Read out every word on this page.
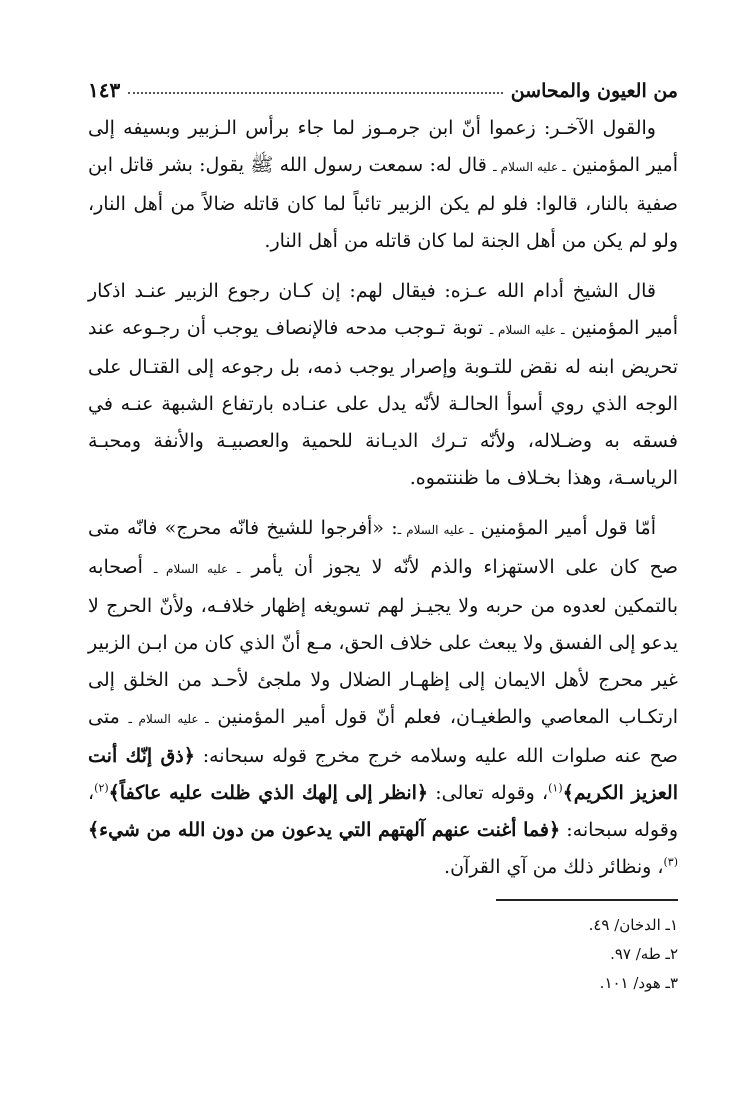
من العيون والمحاسن
١٤٣

والقول الآخـر: زعموا أنّ ابن جرمـوز لما جاء برأس الـزبير وبسيفه إلى أمير المؤمنين ـ عليه السلام ـ قال له: سمعت رسول الله ﷺ يقول: بشر قاتل ابن صفية بالنار، قالوا: فلو لم يكن الزبير تائباً لما كان قاتله ضالاً من أهل النار، ولو لم يكن من أهل الجنة لما كان قاتله من أهل النار.

قال الشيخ أدام الله عـزه: فيقال لهم: إن كـان رجوع الزبير عنـد اذكار أمير المؤمنين ـ عليه السلام ـ توبة تـوجب مدحه فالإنصاف يوجب أن رجـوعه عند تحريض ابنه له نقض للتـوبة وإصرار يوجب ذمه، بل رجوعه إلى القتـال على الوجه الذي روي أسوأ الحالـة لأنّه يدل على عنـاده بارتفاع الشبهة عنـه في فسقه به وضـلاله، ولأنّه تـرك الديـانة للحمية والعصبيـة والأنفة ومحبـة الرياسـة، وهذا بخـلاف ما ظننتموه.

أمّا قول أمير المؤمنين ـ عليه السلام ـ: «أفرجوا للشيخ فانّه محرج» فانّه متى صح كان على الاستهزاء والذم لأنّه لا يجوز أن يأمر ـ عليه السلام ـ أصحابه بالتمكين لعدوه من حربه ولا يجيـز لهم تسويغه إظهار خلافـه، ولأنّ الحرج لا يدعو إلى الفسق ولا يبعث على خلاف الحق، مـع أنّ الذي كان من ابـن الزبير غير محرج لأهل الايمان إلى إظهـار الضلال ولا ملجئ لأحـد من الخلق إلى ارتكـاب المعاصي والطغيـان، فعلم أنّ قول أمير المؤمنين ـ عليه السلام ـ متى صح عنه صلوات الله عليه وسلامه خرج مخرج قوله سبحانه: ﴿ذق إنّك أنت العزيز الكريم﴾$^{(١)}$، وقوله تعالى: ﴿انظر إلى إلهك الذي ظلت عليه عاكفاً﴾$^{(٢)}$، وقوله سبحانه: ﴿فما أغنت عنهم آلهتهم التي يدعون من دون الله من شيء﴾$^{(٣)}$، ونظائر ذلك من آي القرآن.

١ـ الدخان/ ٤٩.
٢ـ طه/ ٩٧.
٣ـ هود/ ١٠١.
